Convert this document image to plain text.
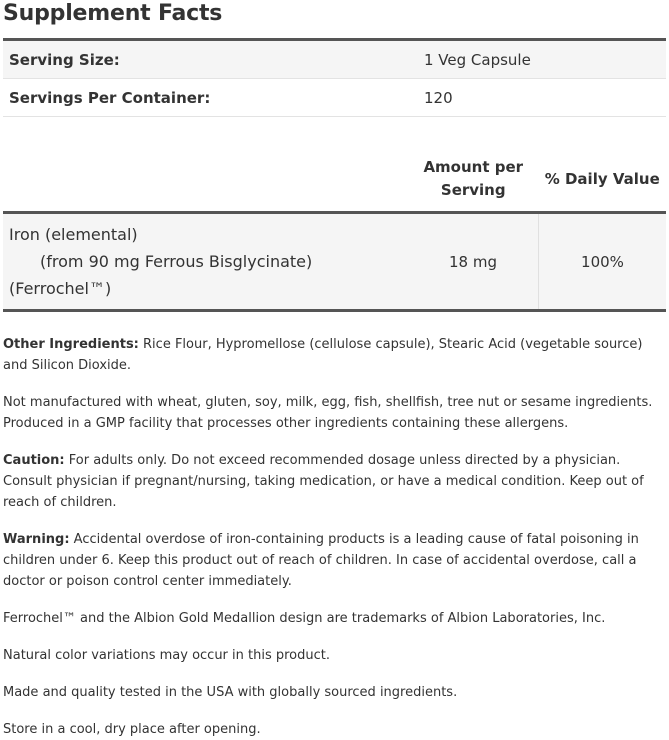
Supplement Facts
Serving Size:	1 Veg Capsule
Servings Per Container:	120
	Amount per Serving	% Daily Value

Iron (elemental)
(from 90 mg Ferrous Bisglycinate)
(Ferrochel™)	18 mg	100%

Other Ingredients: Rice Flour, Hypromellose (cellulose capsule), Stearic Acid (vegetable source) and Silicon Dioxide.

Not manufactured with wheat, gluten, soy, milk, egg, fish, shellfish, tree nut or sesame ingredients. Produced in a GMP facility that processes other ingredients containing these allergens.

Caution: For adults only. Do not exceed recommended dosage unless directed by a physician. Consult physician if pregnant/nursing, taking medication, or have a medical condition. Keep out of reach of children.

Warning: Accidental overdose of iron-containing products is a leading cause of fatal poisoning in children under 6. Keep this product out of reach of children. In case of accidental overdose, call a doctor or poison control center immediately.

Ferrochel™ and the Albion Gold Medallion design are trademarks of Albion Laboratories, Inc.

Natural color variations may occur in this product.

Made and quality tested in the USA with globally sourced ingredients.

Store in a cool, dry place after opening.
